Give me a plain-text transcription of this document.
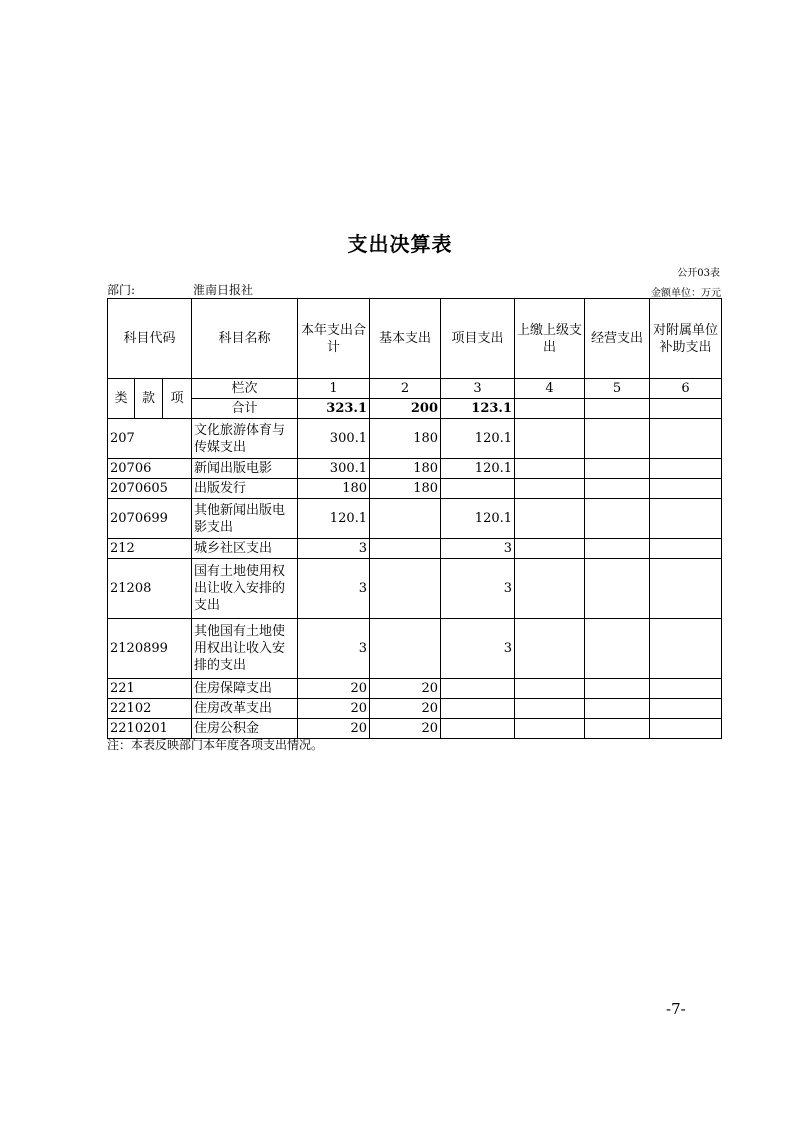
支出决算表
公开03表
部门:	淮南日报社	金额单位：万元
科目代码			科目名称	本年支出合计	基本支出	项目支出	上缴上级支出	经营支出	对附属单位补助支出
类	款	项	栏次	1	2	3	4	5	6
			合计	323.1	200	123.1			
207			文化旅游体育与传媒支出	300.1	180	120.1			
20706			新闻出版电影	300.1	180	120.1			
2070605			出版发行	180	180				
2070699			其他新闻出版电影支出	120.1		120.1			
212			城乡社区支出	3		3			
21208			国有土地使用权出让收入安排的支出	3		3			
2120899			其他国有土地使用权出让收入安排的支出	3		3			
221			住房保障支出	20	20				
22102			住房改革支出	20	20				
2210201			住房公积金	20	20				
注：本表反映部门本年度各项支出情况。
-7-
